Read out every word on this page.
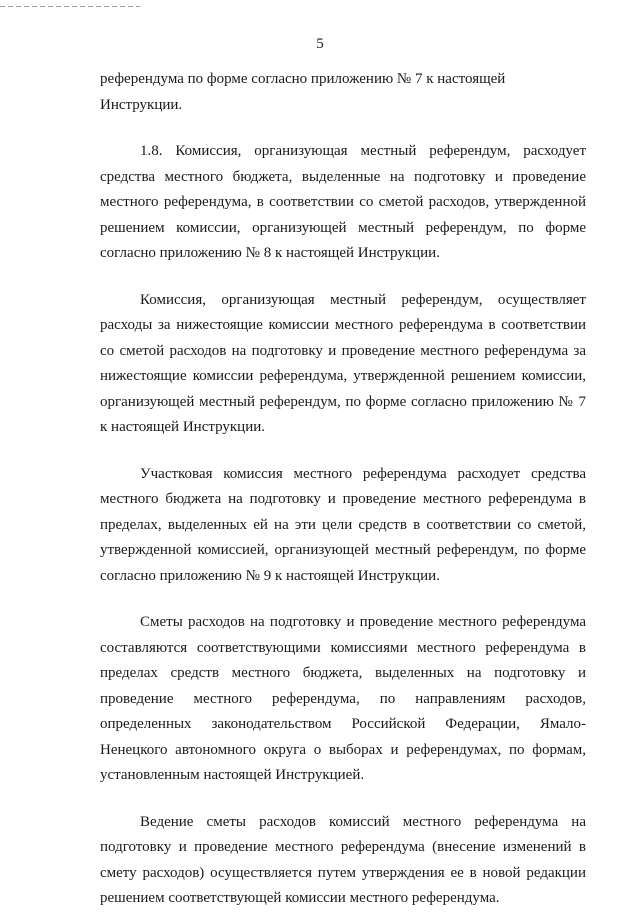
5

референдума по форме согласно приложению № 7 к настоящей
Инструкции.

1.8. Комиссия, организующая местный референдум, расходует средства местного бюджета, выделенные на подготовку и проведение местного референдума, в соответствии со сметой расходов, утвержденной решением комиссии, организующей местный референдум, по форме согласно приложению № 8 к настоящей Инструкции.

Комиссия, организующая местный референдум, осуществляет расходы за нижестоящие комиссии местного референдума в соответствии со сметой расходов на подготовку и проведение местного референдума за нижестоящие комиссии референдума, утвержденной решением комиссии, организующей местный референдум, по форме согласно приложению № 7 к настоящей Инструкции.

Участковая комиссия местного референдума расходует средства местного бюджета на подготовку и проведение местного референдума в пределах, выделенных ей на эти цели средств в соответствии со сметой, утвержденной комиссией, организующей местный референдум, по форме согласно приложению № 9 к настоящей Инструкции.

Сметы расходов на подготовку и проведение местного референдума составляются соответствующими комиссиями местного референдума в пределах средств местного бюджета, выделенных на подготовку и проведение местного референдума, по направлениям расходов, определенных законодательством Российской Федерации, Ямало-Ненецкого автономного округа о выборах и референдумах, по формам, установленным настоящей Инструкцией.

Ведение сметы расходов комиссий местного референдума на подготовку и проведение местного референдума (внесение изменений в смету расходов) осуществляется путем утверждения ее в новой редакции решением соответствующей комиссии местного референдума.
